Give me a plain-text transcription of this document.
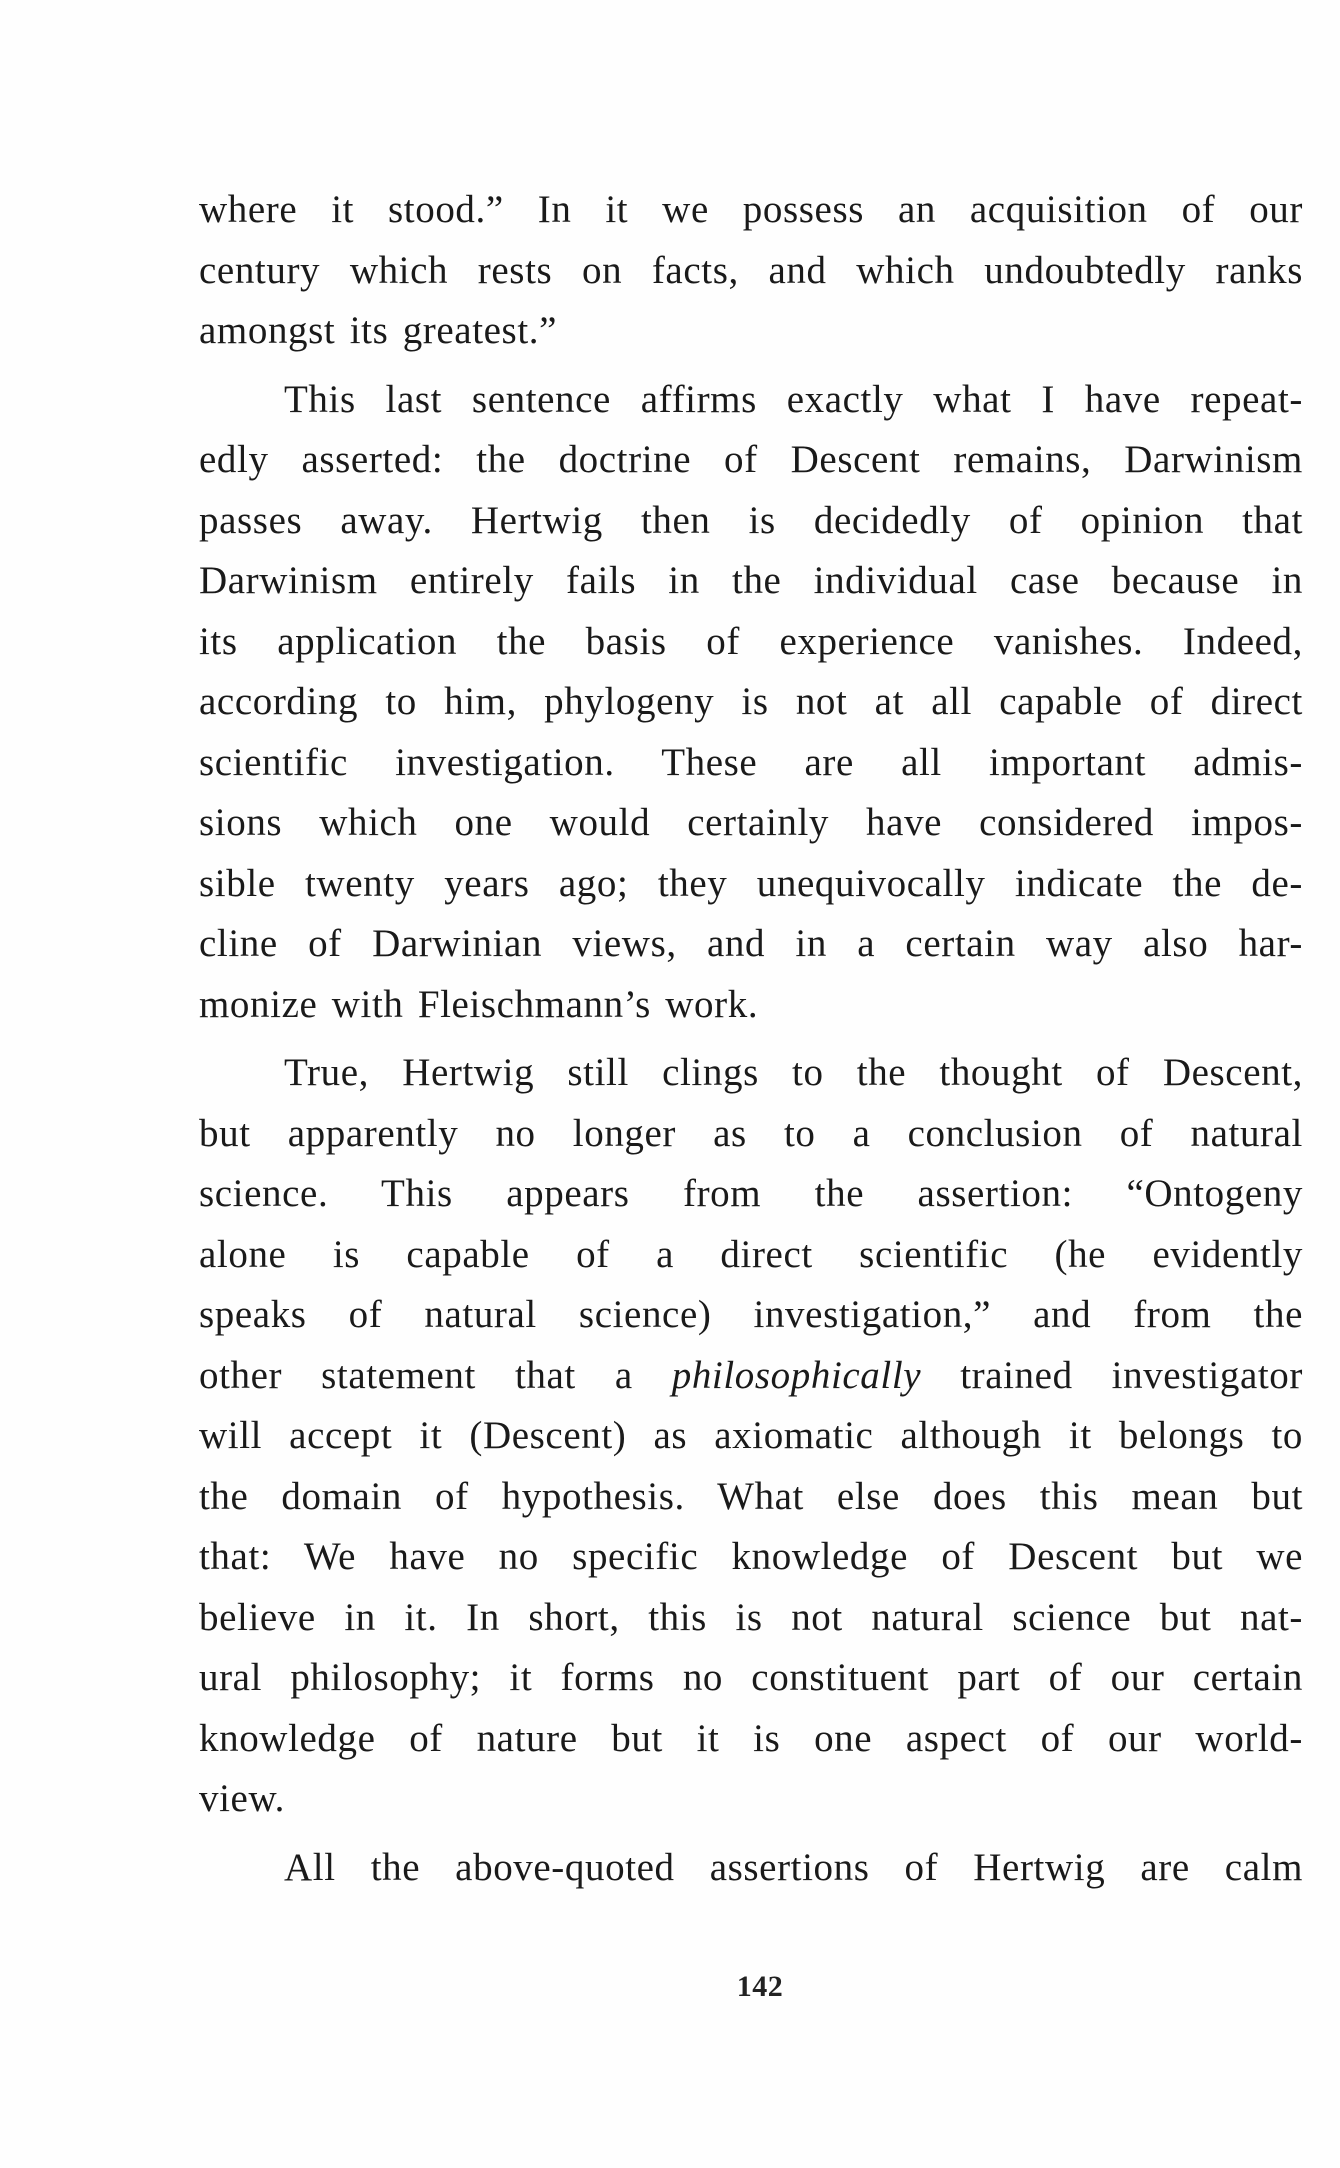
where it stood.” In it we possess an acquisition of our
century which rests on facts, and which undoubtedly ranks
amongst its greatest.”
This last sentence affirms exactly what I have repeat-
edly asserted: the doctrine of Descent remains, Darwinism
passes away. Hertwig then is decidedly of opinion that
Darwinism entirely fails in the individual case because in
its application the basis of experience vanishes. Indeed,
according to him, phylogeny is not at all capable of direct
scientific investigation. These are all important admis-
sions which one would certainly have considered impos-
sible twenty years ago; they unequivocally indicate the de-
cline of Darwinian views, and in a certain way also har-
monize with Fleischmann’s work.
True, Hertwig still clings to the thought of Descent,
but apparently no longer as to a conclusion of natural
science. This appears from the assertion: “Ontogeny
alone is capable of a direct scientific (he evidently
speaks of natural science) investigation,” and from the
other statement that a philosophically trained investigator
will accept it (Descent) as axiomatic although it belongs to
the domain of hypothesis. What else does this mean but
that: We have no specific knowledge of Descent but we
believe in it. In short, this is not natural science but nat-
ural philosophy; it forms no constituent part of our certain
knowledge of nature but it is one aspect of our world-
view.
All the above-quoted assertions of Hertwig are calm
142
